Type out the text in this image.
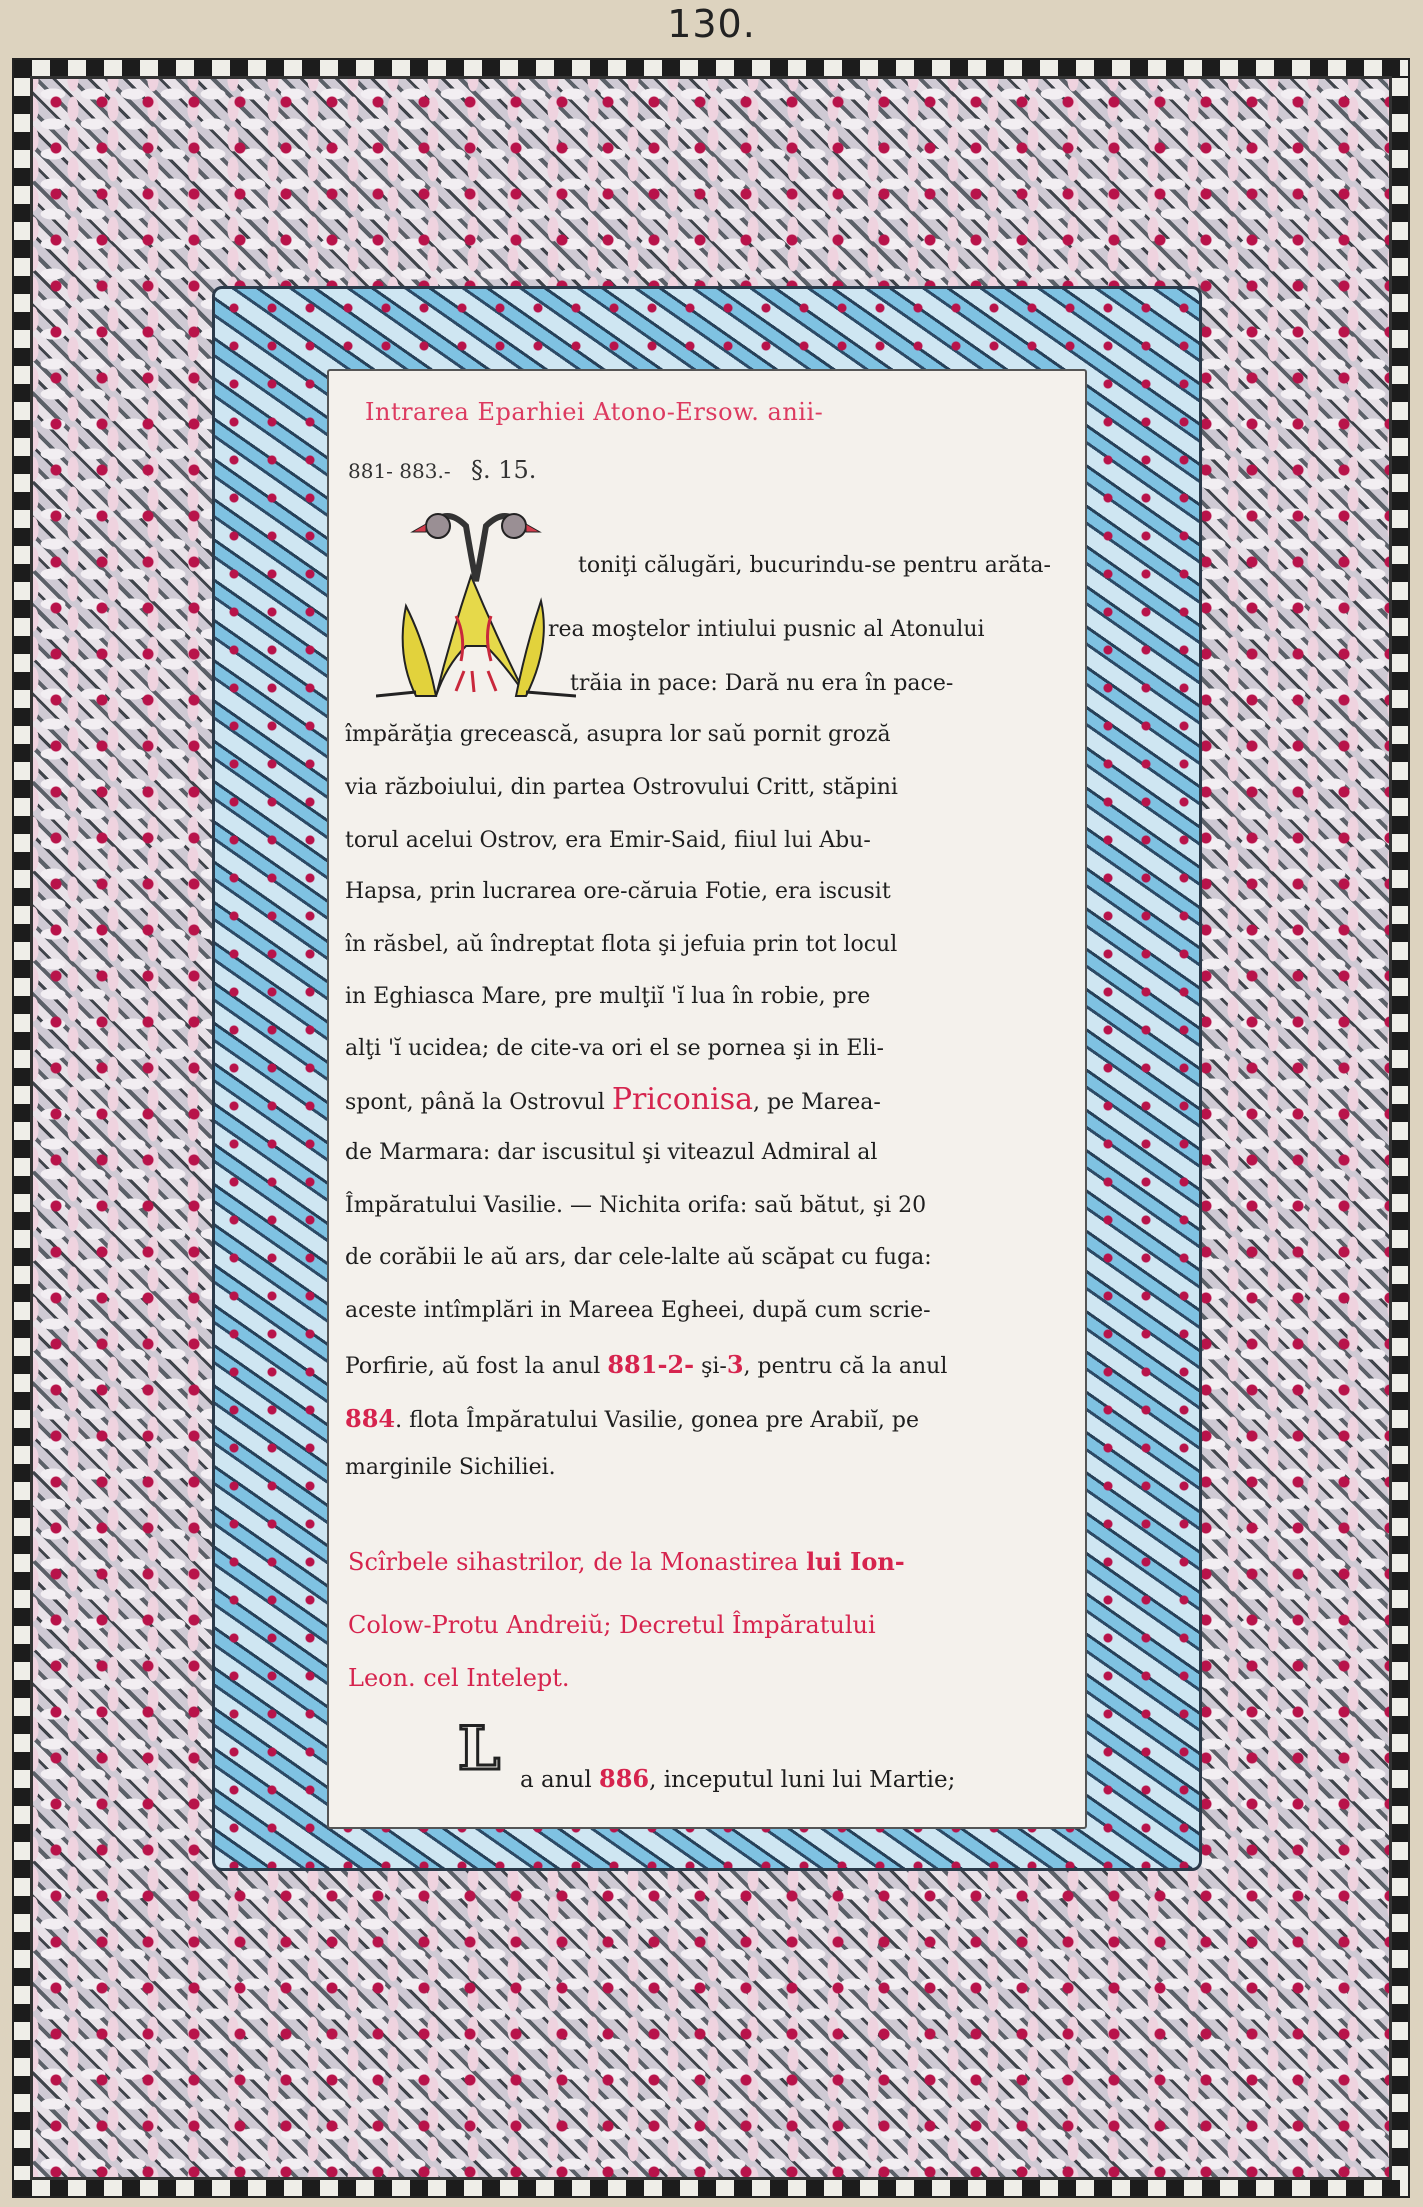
130.
Intrarea Eparhiei Atono-Ersow. anii-
881- 883.- §. 15.
toniţi călugări, bucurindu-se pentru arăta-
rea moştelor intiului pusnic al Atonului
trăia in pace: Dară nu era în pace-
împărăţia grecească, asupra lor saŭ pornit groză
via războiului, din partea Ostrovului Critt, stăpini
torul acelui Ostrov, era Emir-Said, fiiul lui Abu-
Hapsa, prin lucrarea ore-căruia Fotie, era iscusit
în răsbel, aŭ îndreptat flota şi jefuia prin tot locul
in Eghiasca Mare, pre mulţiĭ 'ĭ lua în robie, pre
alţi 'ĭ ucidea; de cite-va ori el se pornea şi in Eli-
spont, până la Ostrovul Priconisa, pe Marea-
de Marmara: dar iscusitul şi viteazul Admiral al
Împăratului Vasilie. — Nichita orifa: saŭ bătut, şi 20
de corăbii le aŭ ars, dar cele-lalte aŭ scăpat cu fuga:
aceste intîmplări in Mareea Egheei, după cum scrie-
Porfirie, aŭ fost la anul 881-2- şi-3, pentru că la anul
884. flota Împăratului Vasilie, gonea pre Arabiĭ, pe
marginile Sichiliei.
Scîrbele sihastrilor, de la Monastirea lui Ion-
Colow-Protu Andreiŭ; Decretul Împăratului
Leon. cel Intelept.
L a anul 886, inceputul luni lui Martie;
